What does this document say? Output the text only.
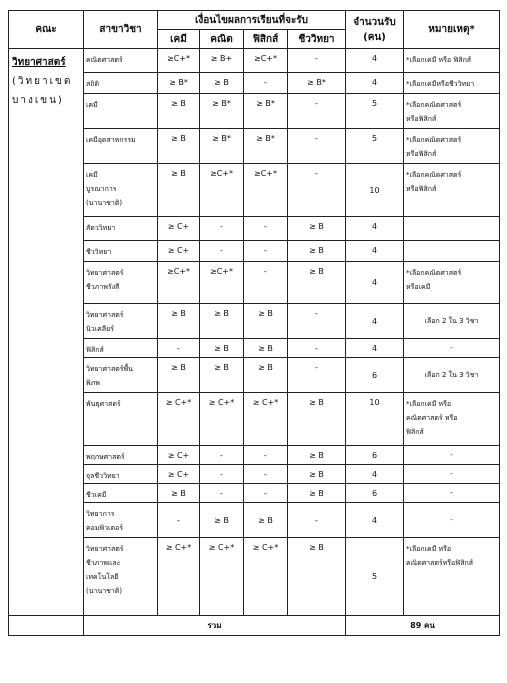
คณะ	สาขาวิชา	เงื่อนไขผลการเรียนที่จะรับ				จำนวนรับ (คน)	หมายเหตุ*
		เคมี	คณิต	ฟิสิกส์	ชีววิทยา		

วิทยาศาสตร์
(วิทยาเขตบางเขน)	คณิตศาสตร์	≥C+*	≥ B+	≥C+*	-	4	*เลือกเคมี หรือ ฟิสิกส์

	สถิติ	≥ B*	≥ B	-	≥ B*	4	*เลือกเคมีหรือชีววิทยา

	เคมี	≥ B	≥ B*	≥ B*	-	5	*เลือกคณิตศาสตร์
หรือฟิสิกส์

	เคมีอุตสาหกรรม	≥ B	≥ B*	≥ B*	-	5	*เลือกคณิตศาสตร์
หรือฟิสิกส์

	เคมี
บูรณาการ
(นานาชาติ)	≥ B	≥C+*	≥C+*	-	10	*เลือกคณิตศาสตร์
หรือฟิสิกส์

	สัตววิทยา	≥ C+	-	-	≥ B	4	

	ชีววิทยา	≥ C+	-	-	≥ B	4	

	วิทยาศาสตร์
ชีวภาพรังสี	≥C+*	≥C+*	-	≥ B	4	*เลือกคณิตศาสตร์
หรือเคมี

	วิทยาศาสตร์
นิวเคลียร์	≥ B	≥ B	≥ B	-	4	เลือก 2 ใน 3 วิชา

	ฟิสิกส์	-	≥ B	≥ B	-	4	-

	วิทยาศาสตร์พื้น
พิภพ	≥ B	≥ B	≥ B	-	6	เลือก 2 ใน 3 วิชา

	พันธุศาสตร์	≥ C+*	≥ C+*	≥ C+*	≥ B	10	*เลือกเคมี หรือ
คณิตศาสตร์ หรือ
ฟิสิกส์

	พฤกษศาสตร์	≥ C+	-	-	≥ B	6	-

	จุลชีววิทยา	≥ C+	-	-	≥ B	4	-

	ชีวเคมี	≥ B	-	-	≥ B	6	-

	วิทยาการ
คอมพิวเตอร์	-	≥ B	≥ B	-	4	-

	วิทยาศาสตร์
ชีวภาพและ
เทคโนโลยี
(นานาชาติ)	≥ C+*	≥ C+*	≥ C+*	≥ B	5	*เลือกเคมี หรือ
คณิตศาสตร์หรือฟิสิกส์

	รวม					89 คน	
